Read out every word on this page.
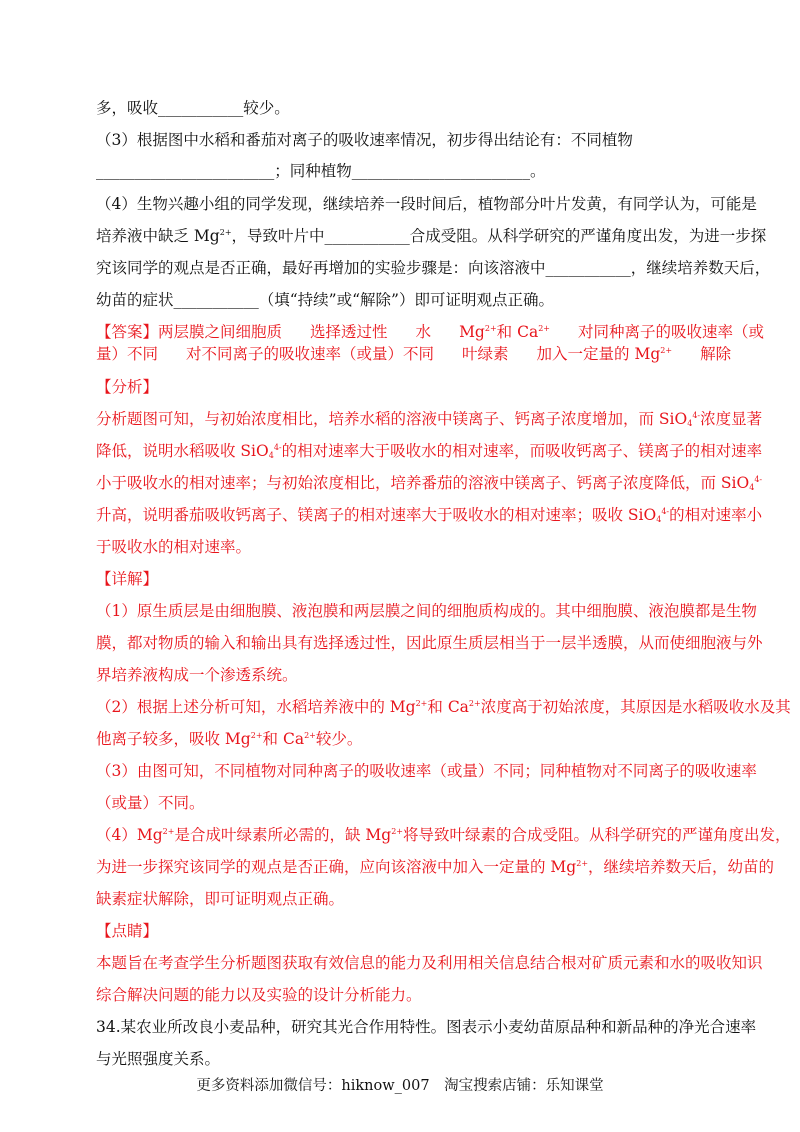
多，吸收___________较少。
（3）根据图中水稻和番茄对离子的吸收速率情况，初步得出结论有：不同植物
_______________________；同种植物_______________________。
（4）生物兴趣小组的同学发现，继续培养一段时间后，植物部分叶片发黄，有同学认为，可能是
培养液中缺乏 $Mg^{2+}$，导致叶片中___________合成受阻。从科学研究的严谨角度出发，为进一步探
究该同学的观点是否正确，最好再增加的实验步骤是：向该溶液中___________，继续培养数天后，
幼苗的症状___________（填“持续”或“解除”）即可证明观点正确。
【答案】两层膜之间细胞质 选择透过性 水 $Mg^{2+}$和 $Ca^{2+}$ 对同种离子的吸收速率（或
量）不同 对不同离子的吸收速率（或量）不同 叶绿素 加入一定量的 $Mg^{2+}$ 解除
【分析】
分析题图可知，与初始浓度相比，培养水稻的溶液中镁离子、钙离子浓度增加，而 SiO$_4^{4-}$浓度显著
降低，说明水稻吸收 SiO$_4^{4-}$的相对速率大于吸收水的相对速率，而吸收钙离子、镁离子的相对速率
小于吸收水的相对速率；与初始浓度相比，培养番茄的溶液中镁离子、钙离子浓度降低，而 SiO$_4^{4-}$
升高，说明番茄吸收钙离子、镁离子的相对速率大于吸收水的相对速率；吸收 SiO$_4^{4-}$的相对速率小
于吸收水的相对速率。
【详解】
（1）原生质层是由细胞膜、液泡膜和两层膜之间的细胞质构成的。其中细胞膜、液泡膜都是生物
膜，都对物质的输入和输出具有选择透过性，因此原生质层相当于一层半透膜，从而使细胞液与外
界培养液构成一个渗透系统。
（2）根据上述分析可知，水稻培养液中的 $Mg^{2+}$和 $Ca^{2+}$浓度高于初始浓度，其原因是水稻吸收水及其
他离子较多，吸收 $Mg^{2+}$和 $Ca^{2+}$较少。
（3）由图可知，不同植物对同种离子的吸收速率（或量）不同；同种植物对不同离子的吸收速率
（或量）不同。
$(4)Mg^{2+}$是合成叶绿素所必需的，缺 $Mg^{2+}$将导致叶绿素的合成受阻。从科学研究的严谨角度出发，
为进一步探究该同学的观点是否正确，应向该溶液中加入一定量的 $Mg^{2+}$，继续培养数天后，幼苗的
缺素症状解除，即可证明观点正确。
【点睛】
本题旨在考查学生分析题图获取有效信息的能力及利用相关信息结合根对矿质元素和水的吸收知识
综合解决问题的能力以及实验的设计分析能力。
34.某农业所改良小麦品种，研究其光合作用特性。图表示小麦幼苗原品种和新品种的净光合速率
更多资料添加微信号：hiknow_007　淘宝搜索店铺：乐知课堂
与光照强度关系。
